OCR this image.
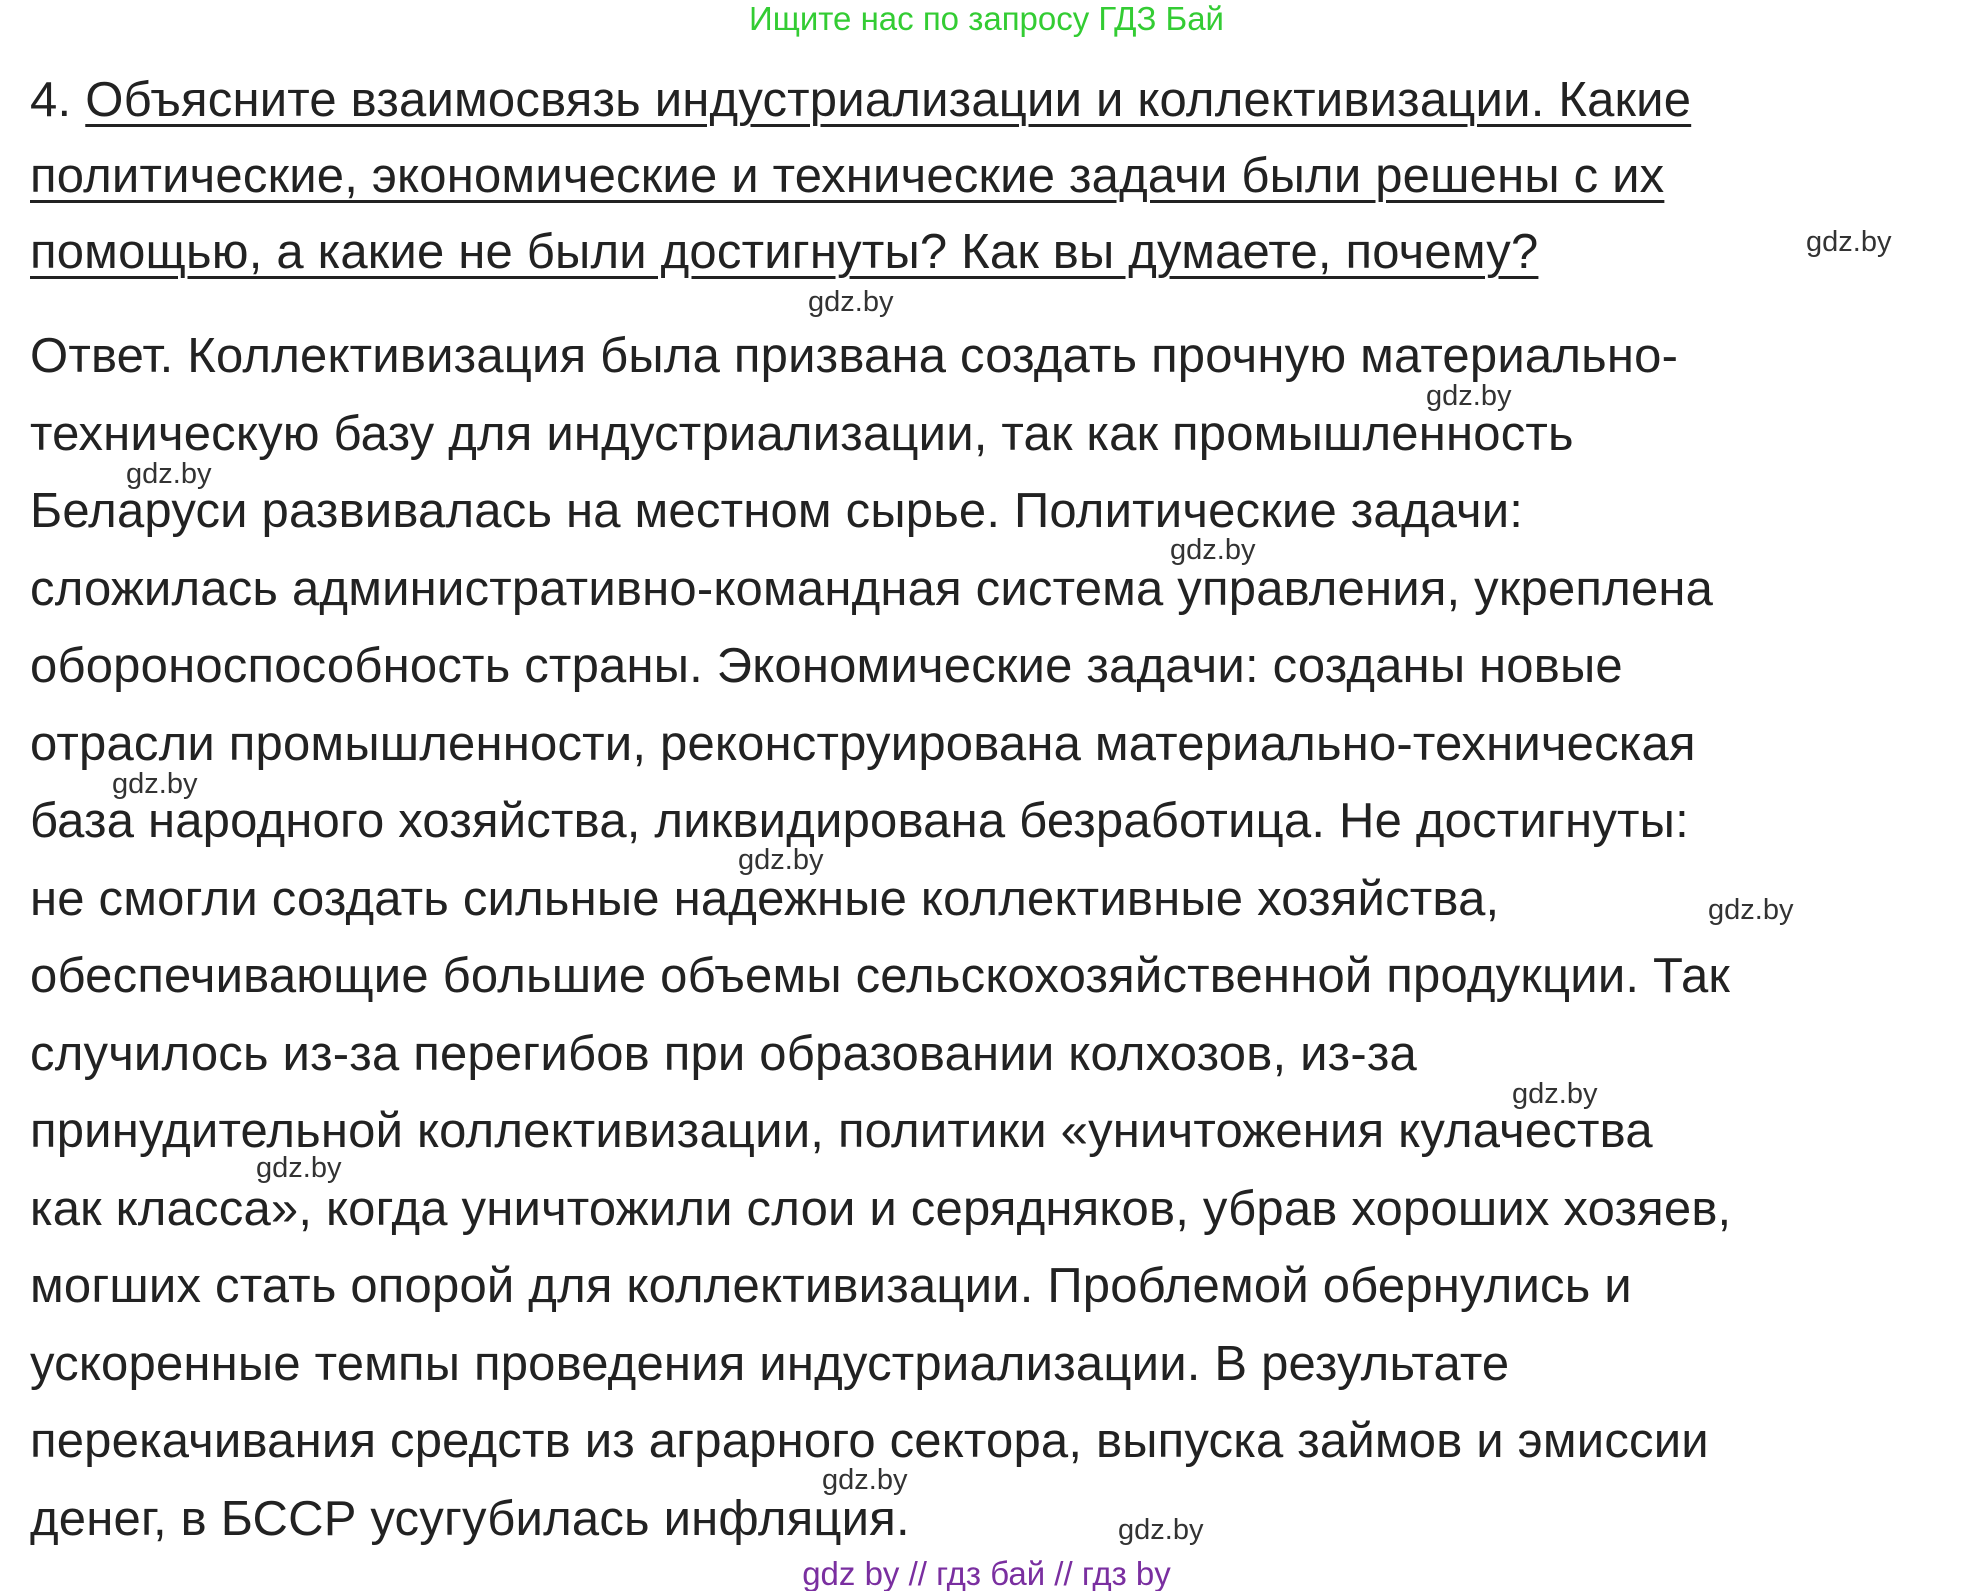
Ищите нас по запросу ГДЗ Бай
4. Объясните взаимосвязь индустриализации и коллективизации. Какие
политические, экономические и технические задачи были решены с их
помощью, а какие не были достигнуты? Как вы думаете, почему?
Ответ. Коллективизация была призвана создать прочную материально-
техническую базу для индустриализации, так как промышленность
Беларуси развивалась на местном сырье. Политические задачи:
сложилась административно-командная система управления, укреплена
обороноспособность страны. Экономические задачи: созданы новые
отрасли промышленности, реконструирована материально-техническая
база народного хозяйства, ликвидирована безработица. Не достигнуты:
не смогли создать сильные надежные коллективные хозяйства,
обеспечивающие большие объемы сельскохозяйственной продукции. Так
случилось из-за перегибов при образовании колхозов, из-за
принудительной коллективизации, политики «уничтожения кулачества
как класса», когда уничтожили слои и серядняков, убрав хороших хозяев,
могших стать опорой для коллективизации. Проблемой обернулись и
ускоренные темпы проведения индустриализации. В результате
перекачивания средств из аграрного сектора, выпуска займов и эмиссии
денег, в БССР усугубилась инфляция.
gdz.by
gdz.by
gdz.by
gdz.by
gdz.by
gdz.by
gdz.by
gdz.by
gdz.by
gdz.by
gdz.by
gdz.by
gdz by // гдз бай // гдз by
